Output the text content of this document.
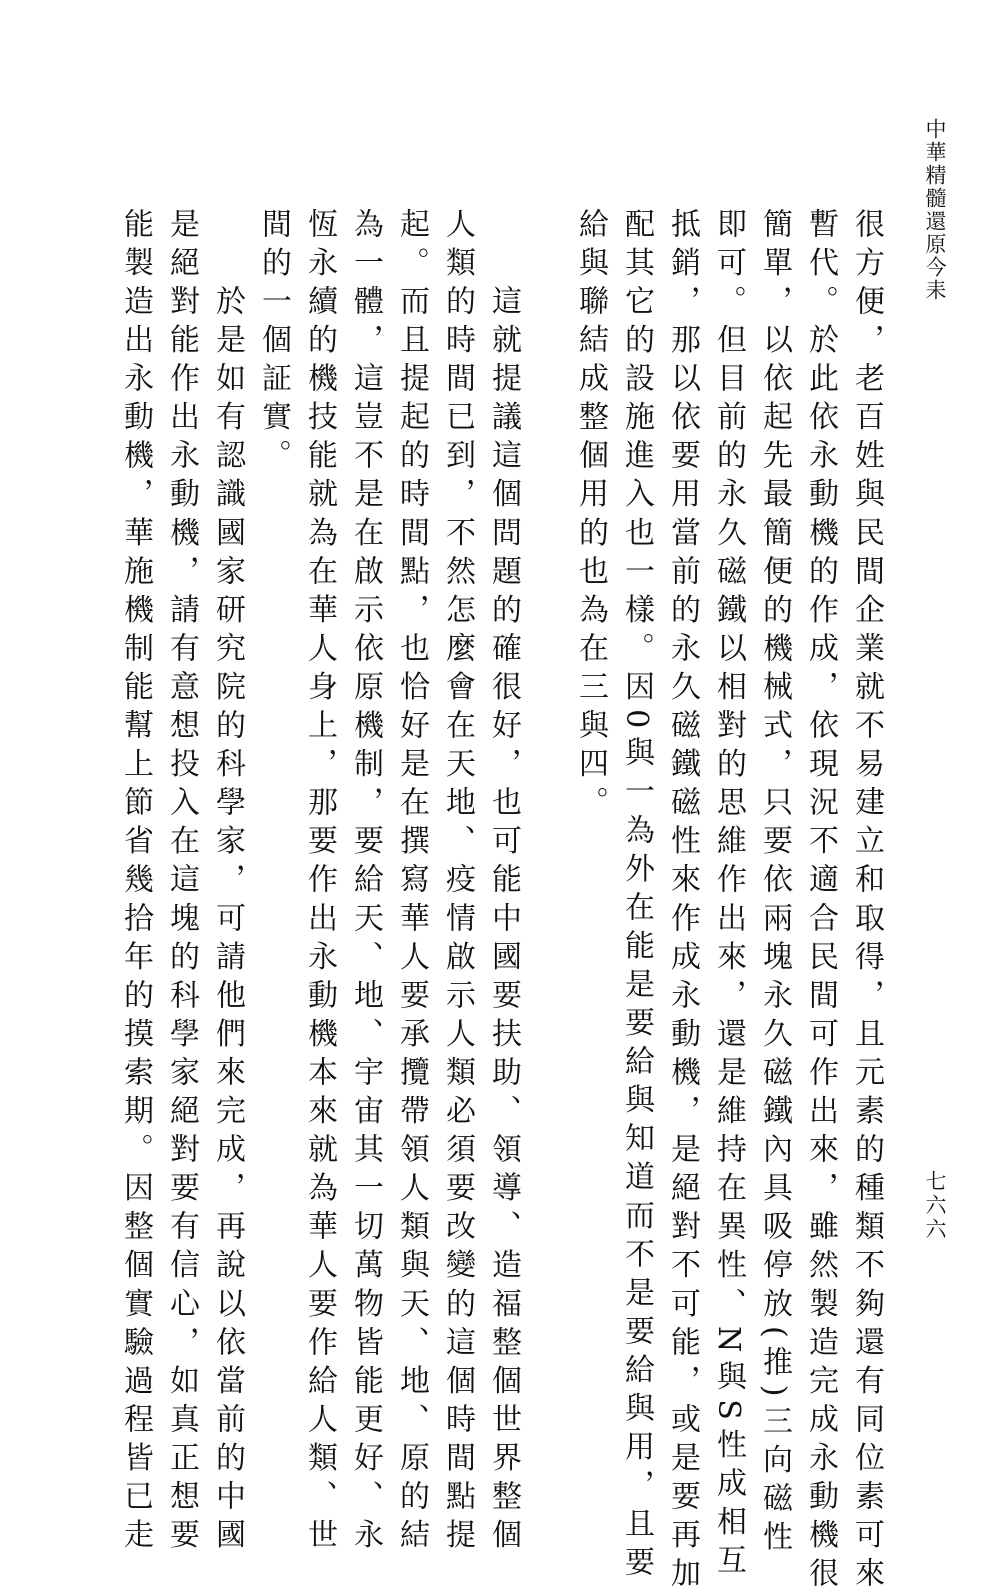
中華精髓還原今耒
七六六
很方便，老百姓與民間企業就不易建立和取得，且元素的種類不夠還有同位素可來
暫代。於此依永動機的作成，依現況不適合民間可作出來，雖然製造完成永動機很
簡單，以依起先最簡便的機械式，只要依兩塊永久磁鐵內具吸停放(推)三向磁性
即可。但目前的永久磁鐵以相對的思維作出來，還是維持在異性、N與S性成相互
抵銷，那以依要用當前的永久磁鐵磁性來作成永動機，是絕對不可能，或是要再加
配其它的設施進入也一樣。因0與一為外在能是要給與知道而不是要給與用，且要
給與聯結成整個用的也為在三與四。
　　這就提議這個問題的確很好，也可能中國要扶助、領導、造福整個世界整個
人類的時間已到，不然怎麼會在天地、疫情啟示人類必須要改變的這個時間點提
起。而且提起的時間點，也恰好是在撰寫華人要承攬帶領人類與天、地、原的結
為一體，這豈不是在啟示依原機制，要給天、地、宇宙其一切萬物皆能更好、永
恆永續的機技能就為在華人身上，那要作出永動機本來就為華人要作給人類、世
間的一個証實。
　　於是如有認識國家研究院的科學家，可請他們來完成，再說以依當前的中國
是絕對能作出永動機，請有意想投入在這塊的科學家絕對要有信心，如真正想要
能製造出永動機，華施機制能幫上節省幾拾年的摸索期。因整個實驗過程皆已走
